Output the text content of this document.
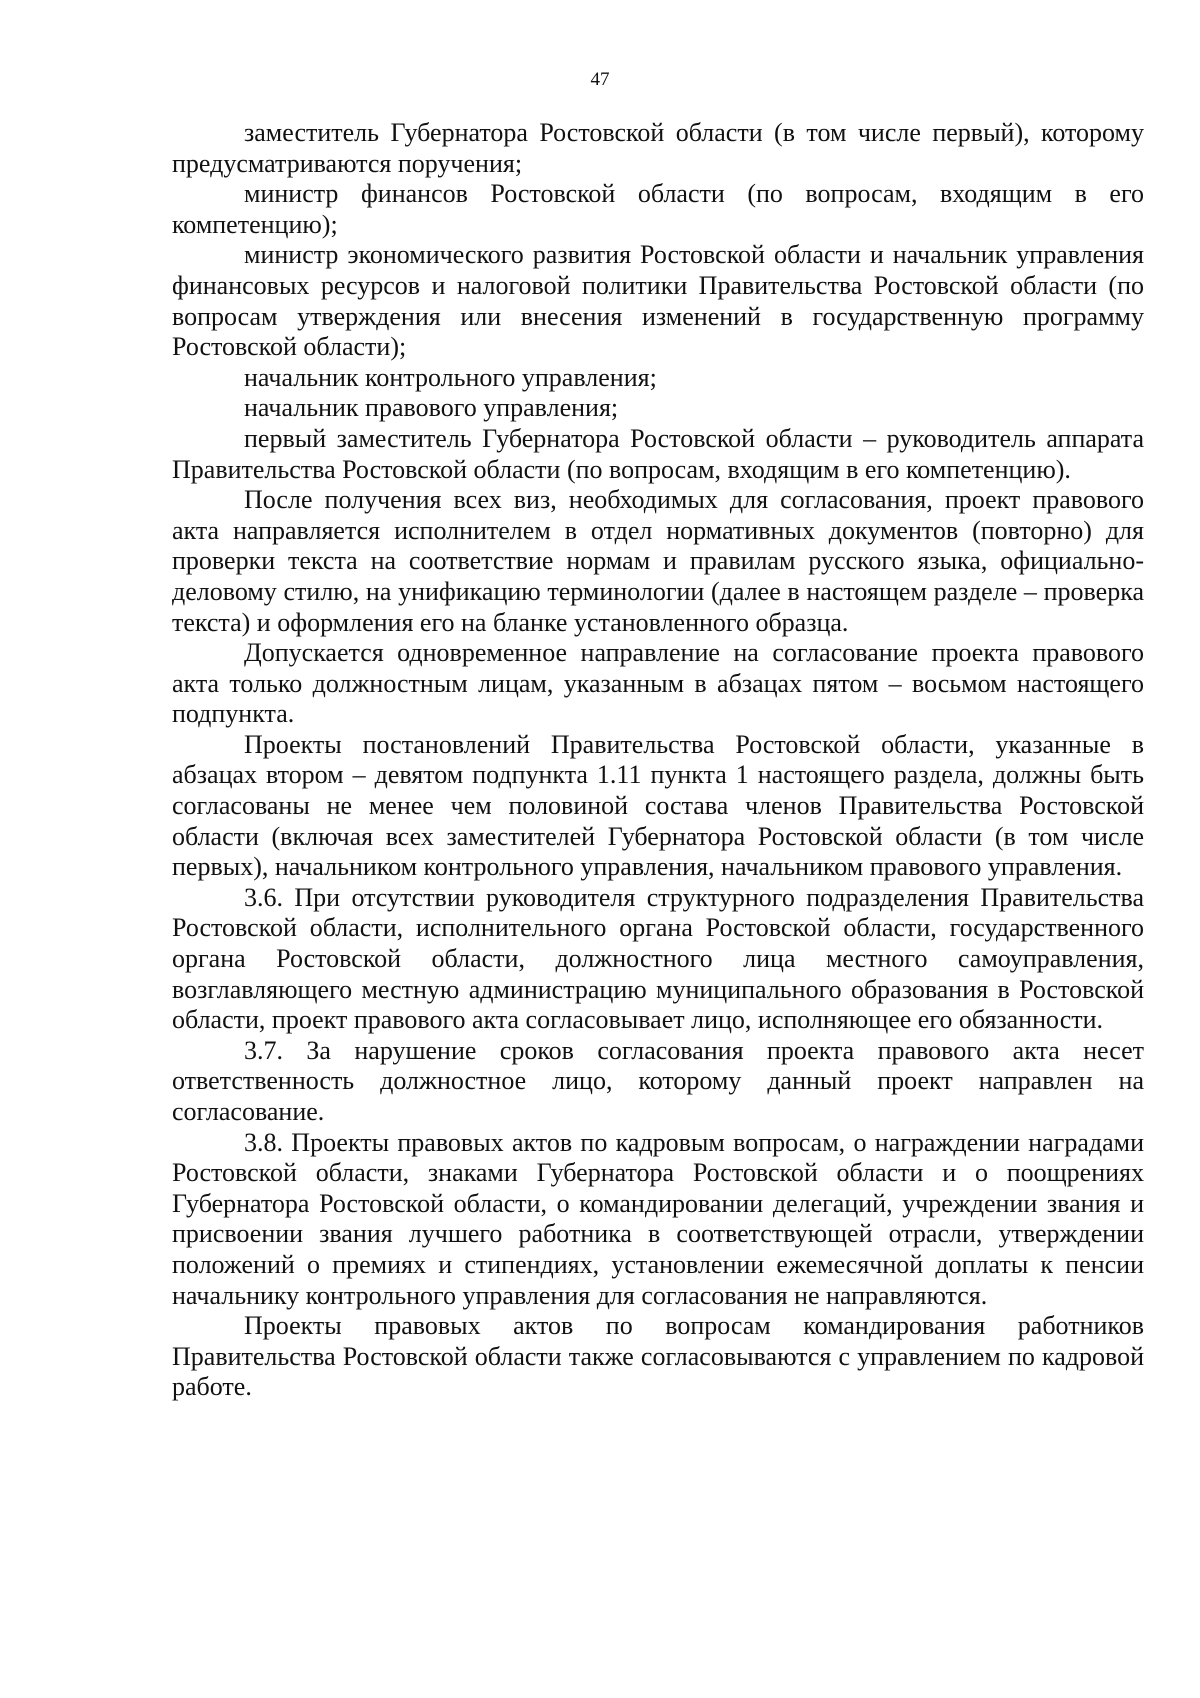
47

заместитель Губернатора Ростовской области (в том числе первый), которому предусматриваются поручения;

министр финансов Ростовской области (по вопросам, входящим в его компетенцию);

министр экономического развития Ростовской области и начальник управления финансовых ресурсов и налоговой политики Правительства Ростовской области (по вопросам утверждения или внесения изменений в государственную программу Ростовской области);

начальник контрольного управления;

начальник правового управления;

первый заместитель Губернатора Ростовской области – руководитель аппарата Правительства Ростовской области (по вопросам, входящим в его компетенцию).

После получения всех виз, необходимых для согласования, проект правового акта направляется исполнителем в отдел нормативных документов (повторно) для проверки текста на соответствие нормам и правилам русского языка, официально-деловому стилю, на унификацию терминологии (далее в настоящем разделе – проверка текста) и оформления его на бланке установленного образца.

Допускается одновременное направление на согласование проекта правового акта только должностным лицам, указанным в абзацах пятом – восьмом настоящего подпункта.

Проекты постановлений Правительства Ростовской области, указанные в абзацах втором – девятом подпункта 1.11 пункта 1 настоящего раздела, должны быть согласованы не менее чем половиной состава членов Правительства Ростовской области (включая всех заместителей Губернатора Ростовской области (в том числе первых), начальником контрольного управления, начальником правового управления.

3.6. При отсутствии руководителя структурного подразделения Правительства Ростовской области, исполнительного органа Ростовской области, государственного органа Ростовской области, должностного лица местного самоуправления, возглавляющего местную администрацию муниципального образования в Ростовской области, проект правового акта согласовывает лицо, исполняющее его обязанности.

3.7. За нарушение сроков согласования проекта правового акта несет ответственность должностное лицо, которому данный проект направлен на согласование.

3.8. Проекты правовых актов по кадровым вопросам, о награждении наградами Ростовской области, знаками Губернатора Ростовской области и о поощрениях Губернатора Ростовской области, о командировании делегаций, учреждении звания и присвоении звания лучшего работника в соответствующей отрасли, утверждении положений о премиях и стипендиях, установлении ежемесячной доплаты к пенсии начальнику контрольного управления для согласования не направляются.

Проекты правовых актов по вопросам командирования работников Правительства Ростовской области также согласовываются с управлением по кадровой работе.
